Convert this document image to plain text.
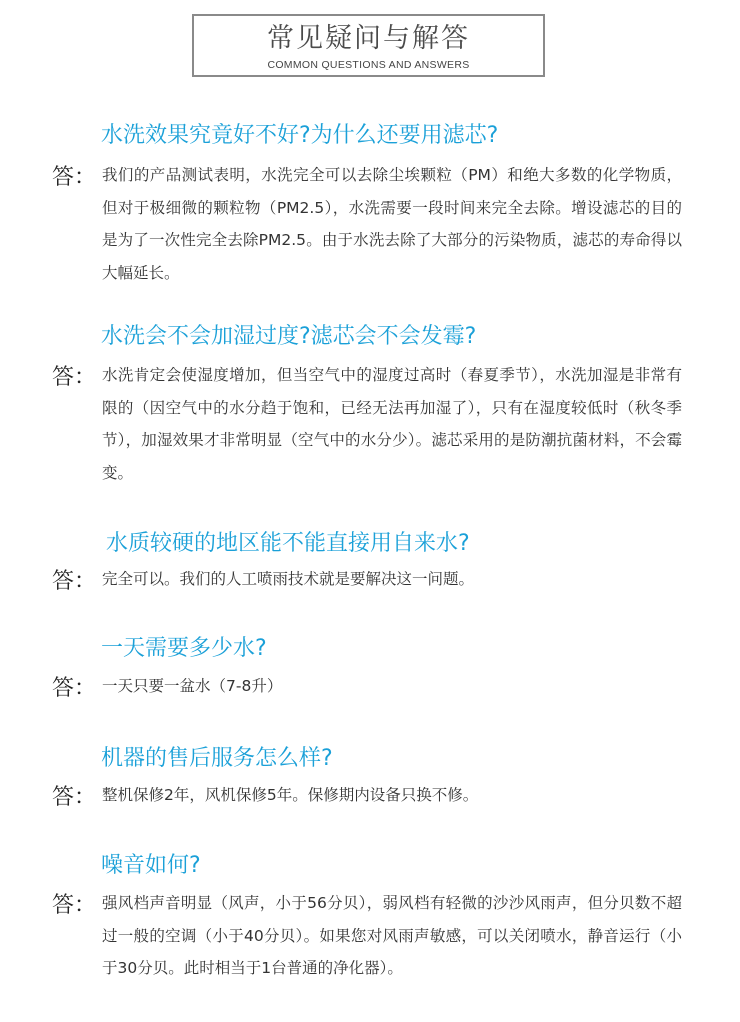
常见疑问与解答
COMMON QUESTIONS AND ANSWERS
水洗效果究竟好不好?为什么还要用滤芯?
答： 我们的产品测试表明，水洗完全可以去除尘埃颗粒（PM）和绝大多数的化学物质，但对于极细微的颗粒物（PM2.5），水洗需要一段时间来完全去除。增设滤芯的目的是为了一次性完全去除PM2.5。由于水洗去除了大部分的污染物质，滤芯的寿命得以大幅延长。
水洗会不会加湿过度?滤芯会不会发霉?
答： 水洗肯定会使湿度增加，但当空气中的湿度过高时（春夏季节），水洗加湿是非常有限的（因空气中的水分趋于饱和，已经无法再加湿了），只有在湿度较低时（秋冬季节），加湿效果才非常明显（空气中的水分少）。滤芯采用的是防潮抗菌材料，不会霉变。
水质较硬的地区能不能直接用自来水?
答： 完全可以。我们的人工喷雨技术就是要解决这一问题。
一天需要多少水?
答： 一天只要一盆水（7-8升）
机器的售后服务怎么样?
答： 整机保修2年，风机保修5年。保修期内设备只换不修。
噪音如何?
答： 强风档声音明显（风声，小于56分贝），弱风档有轻微的沙沙风雨声，但分贝数不超过一般的空调（小于40分贝）。如果您对风雨声敏感，可以关闭喷水，静音运行（小于30分贝。此时相当于1台普通的净化器）。
